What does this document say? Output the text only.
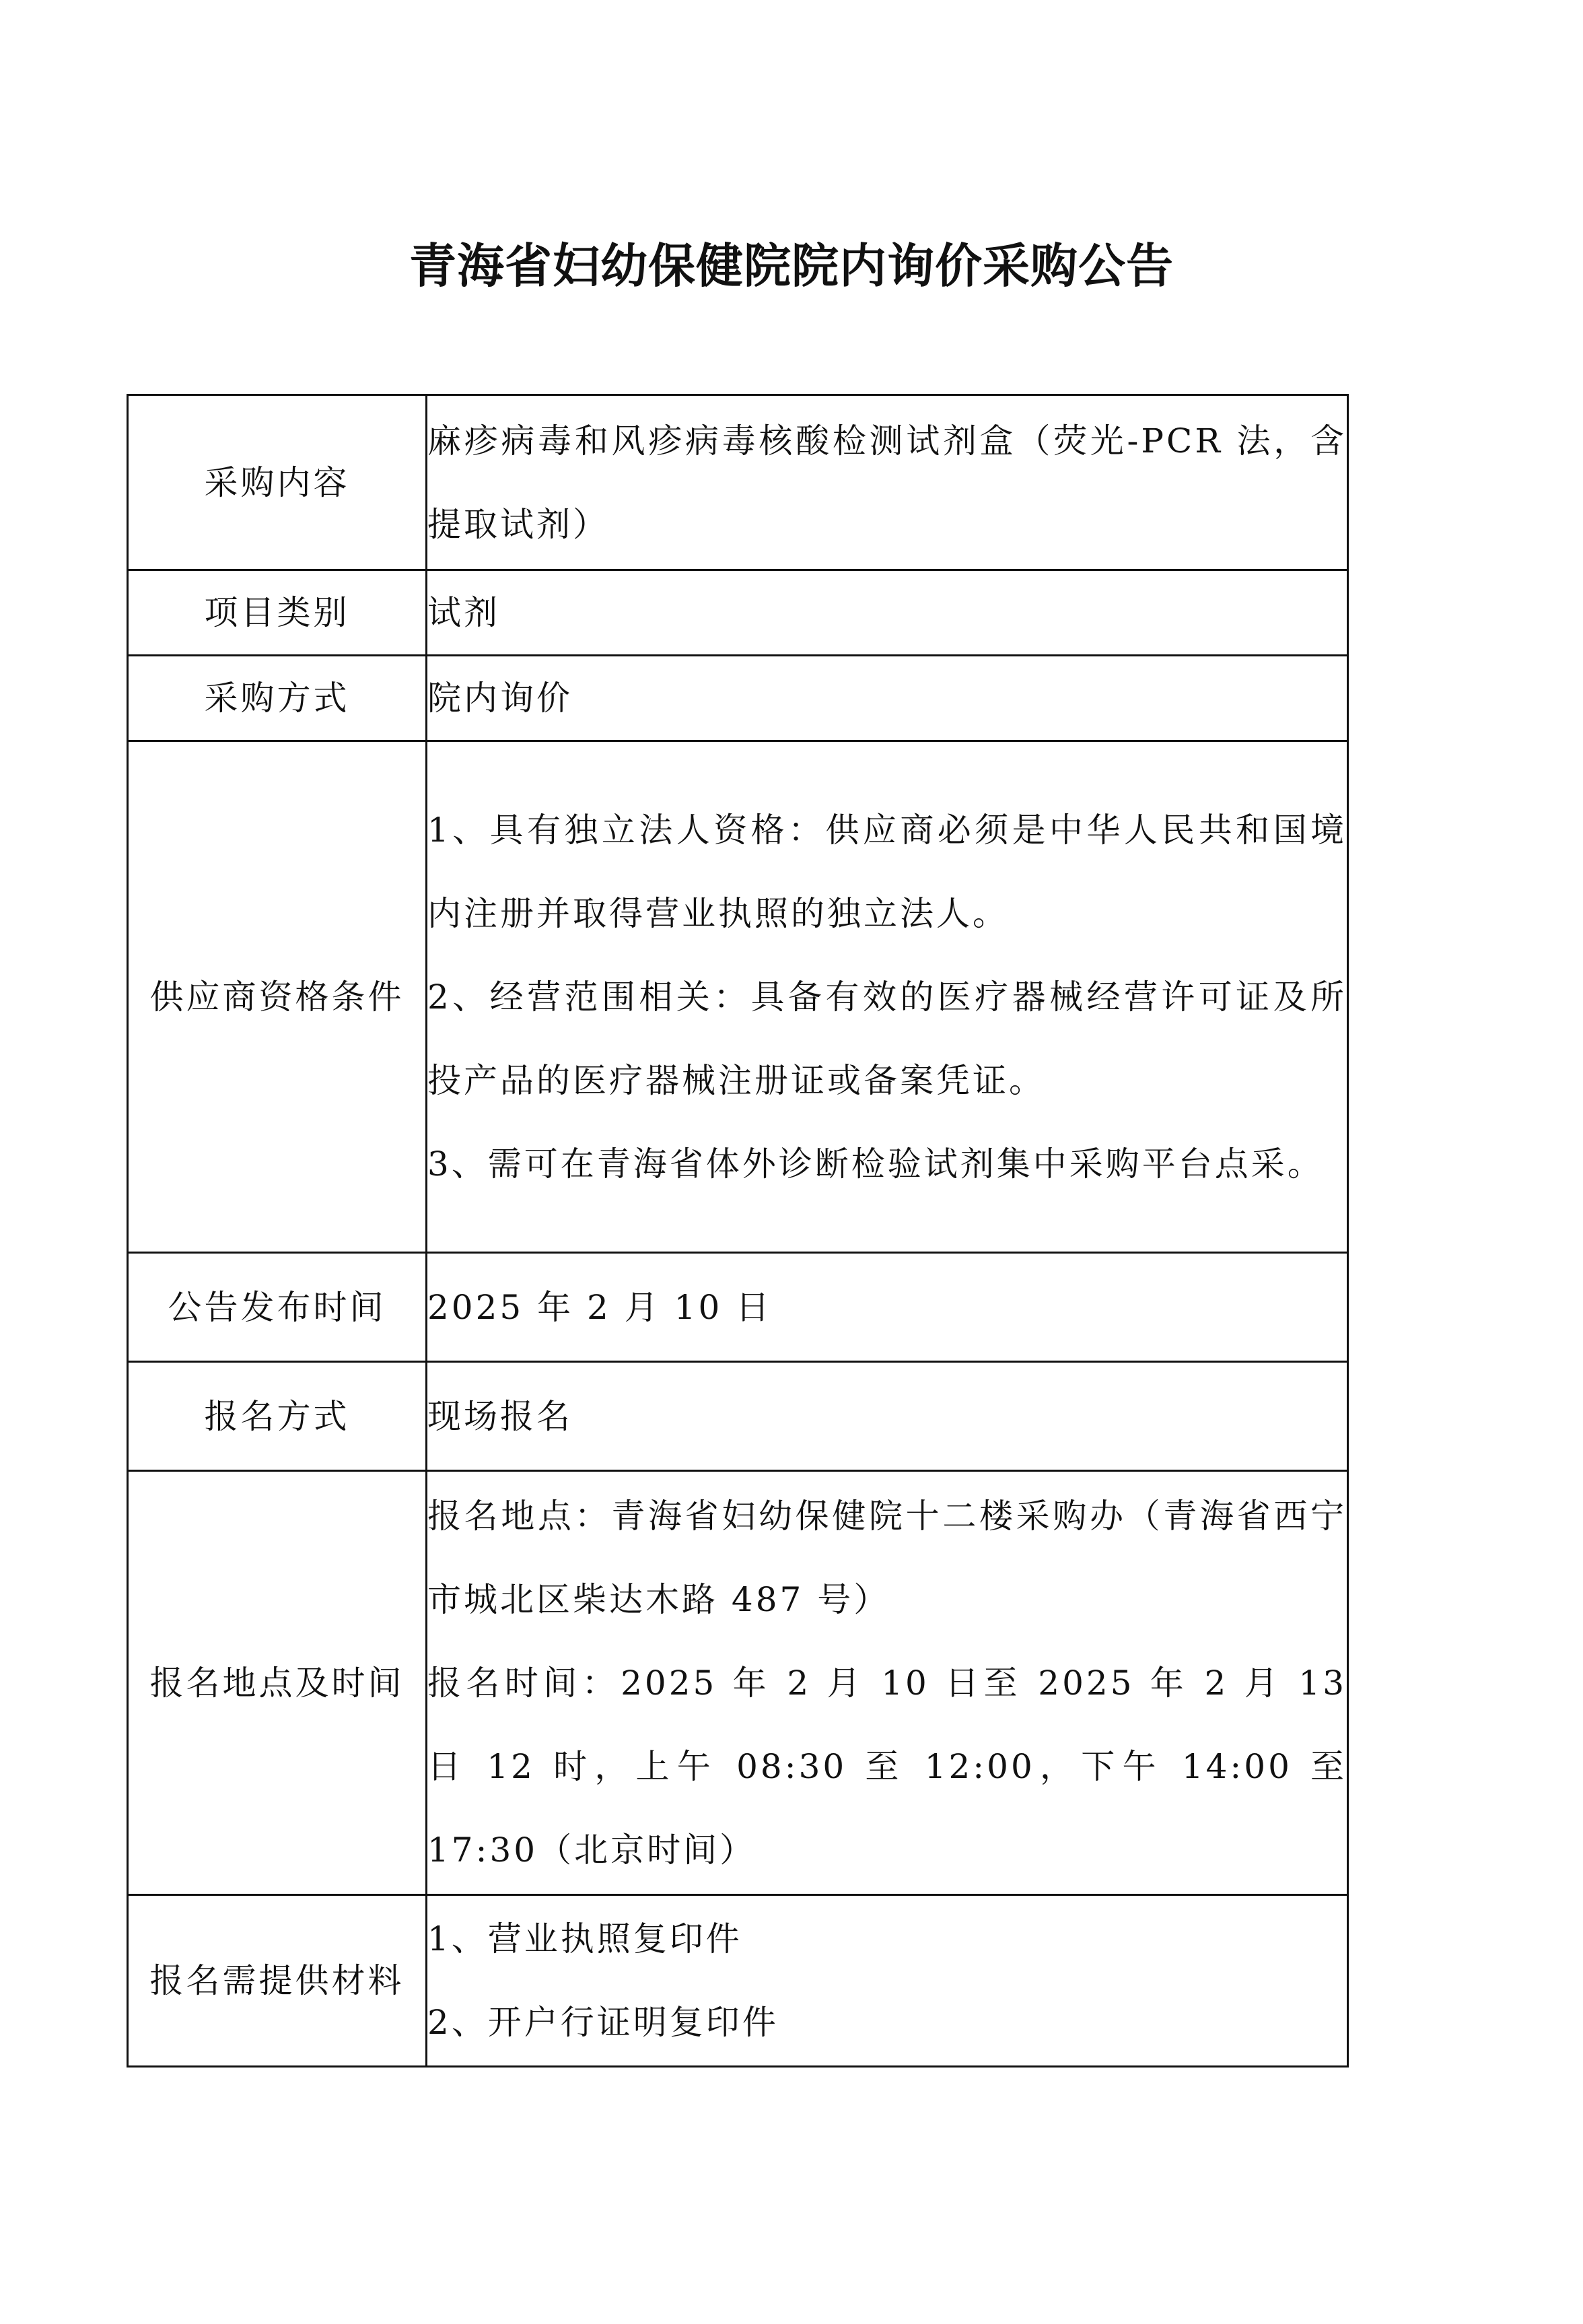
青海省妇幼保健院院内询价采购公告
采购内容	麻疹病毒和风疹病毒核酸检测试剂盒（荧光-PCR 法，含提取试剂）

项目类别	试剂

采购方式	院内询价

供应商资格条件	1、具有独立法人资格：供应商必须是中华人民共和国境内注册并取得营业执照的独立法人。
2、经营范围相关：具备有效的医疗器械经营许可证及所投产品的医疗器械注册证或备案凭证。
3、需可在青海省体外诊断检验试剂集中采购平台点采。

公告发布时间	2025 年 2 月 10 日

报名方式	现场报名

报名地点及时间	报名地点：青海省妇幼保健院十二楼采购办（青海省西宁市城北区柴达木路 487 号）
报名时间：2025 年 2 月 10 日至 2025 年 2 月 13 日 12 时，上午 08:30 至 12:00，下午 14:00 至 17:30（北京时间）

报名需提供材料	1、营业执照复印件
2、开户行证明复印件
